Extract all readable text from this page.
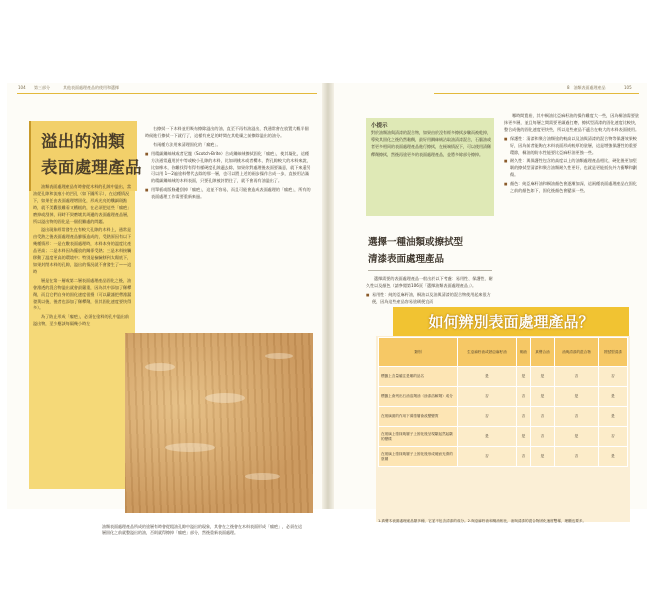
104 第三部分	其他表面處理產品的使用和選擇
溢出的油類
表面處理產品

油類表面處理產品有時會從木料的孔隙中溢出，當油從孔隙和流痕小的凹孔（如下圖所示），在這種情況下，如果任由表面處理增固化，形成光亮的纖細斑點時，就不美觀很難看又糟糕的，在必須把這些「瘤疤」磨掉或刮掉，同時不毀磨壞其周邊的表面處理產品層，所以溢出物的固化是一個很難處的問題。

溢出現象經常發生在有較大孔隙的木料上，通常是由受熱之後表面處理產品膨脹造成的，受熱原因有以下幾種情形：一是在數表面處理時，木料本身的溫度比產品更高；二是木料因為擺放的關係受熱；三是木料接觸移動了溫度更高的環境中；特別是檢驗移到太陽底下，如果封閉木料的孔隙，溢出的情況就不會發生了——這時

層是在第一層或第二層表面處理產品固化之後，油會滲透的混合物溢出就會最嚴重，因為其中添加了稀釋劑，而且它們自身的固化速度很慢（可以嚴謹把帶滲漏發黃以後，後者也添加了稀釋劑，但其固化速度要快得多）。

為了防止形成「瘤疤」，必須在塗料的孔中溢出前溢出物，至少應該每隔幾小時左

右擦拭一下木料並用吸布擦除溢出的油，直至不再有油溢出，我通常會在放置大概半個時候進行擦拭一下就行了，這樣有充足的時間在其乾燥之前擦除溢出的油分。

有兩種方法用來清理固化的「瘤疤」。

■ 用精細鋼絲絨或者尼龍（Scotch-Brite）合成鋼絲絨擦拭固化「瘤疤」，使其凝化，這種方法通常適用於中等或較小孔隙的木料，比如胡桃木或者櫻木，對孔隙較大的木料來說，比如橡木，你難找得有得有樣硬度孔隙適去除，如果你對處理後表面要滿意，就下來還另可以用 1～2遍塗料帶代去除的那一層，也可以將上述的兩步操作合成一步，直接用沾滿的精細鋼絲絨的木料表面，只要孔隙被封閉住了，就不會再有油溢出了。
■ 用單板或版條邊刮掉「瘤疤」，這並不容易，而且可能會造成表面處理的「瘤疤」，所有的表面處理工作需要重新來過。
油類表面處理產品所成的塗層有時會從粗油孔隙中溢出的現象，其會在之後會在木料表面形成「瘤疤」，必須在這層固化之前就整溢出的油，否則就得擦掉「瘤疤」部分，然後重新表面處理。
8　油類表面處理產品	105
小提示
對於油類油與清漆的混合物，如果由於沒有經多擦拭步驟而被乾掉，導致其固化之後仍然黏稠，最好用鋼絲絨沾取油清漆混合，石腦油或者更多相同的表面處理產品進行擦拭，在極端情況下，可以使用清稀釋劑擦拭，然後再塗更多的表面處理產品，並將多餘部分擦掉。
選擇一種油類或擦拭型
清漆表面處理產品

選擇需要的表面處理產品一般出於以下考慮：易用性、保護性、耐久性以及顏色（請參閱第106頁「選擇油類表面處理產品」）。

■ 易用性：純的亞麻籽油，桐油以及油與清漆的混合物使用起來很方便，因為這些產品容易塗刷便宜而

哪時間寬裕，其中桐油比亞麻籽油的操作難度大一些，因為桐油需要塗抹更多層，並且每層之間需要更細過打磨，擦拭型清漆的固化速度比較快，整合成後的固化速度更快些，所以這些產品不適合在較大的木料表面使用。

■ 保護性：清漆和聚合油類塗的較高以及油與清漆的混合物等保護效果較好，因為前者能夠在木料表面形成較厚的塗層，這是增強保護性的重要環節，桐油的防水性能要比亞麻籽油更強一些。
■ 耐久性：與保護性包含的高度以上的油類處理產品相比，硬化後更加堅韌的擦拭型清漆和聚合油類耐久性更好，也就是更能抵抗外力衝擊和劃傷。
■ 顏色：純亞麻籽油和桐油顏色會逐漸加深，這兩種表面處理產品在固化之前的顏色如下，固化後顏色會變深一些。
如何辨別表面處理產品？
類別	生亞麻籽油或熟亞麻籽油	桐油	真聲合油	油與清漆的混合物	擦拭型清漆
標籤上含量確注是哪的品名	是	是	是	否	否
標籤上會列出石油溶劑油（涂漆溶解劑）成分	否	否	是	是	是
在玻璃面的作用下薄塗層會改變變質	否	否	否	否	是
在玻璃上塗抹幾層子上固化後呈現皺起然起皺的變樣	是	是	否	是	否
在玻璃上塗抹幾層子上固化後形成硬而光滑的塗層	否	否	是	否	是
1.真聲木表面處理產品類多種，它並不包含清漆的成分。2.與亞麻籽油和桐油相比，油與清漆的混合物固化速度雙稀，理顯也要多。
